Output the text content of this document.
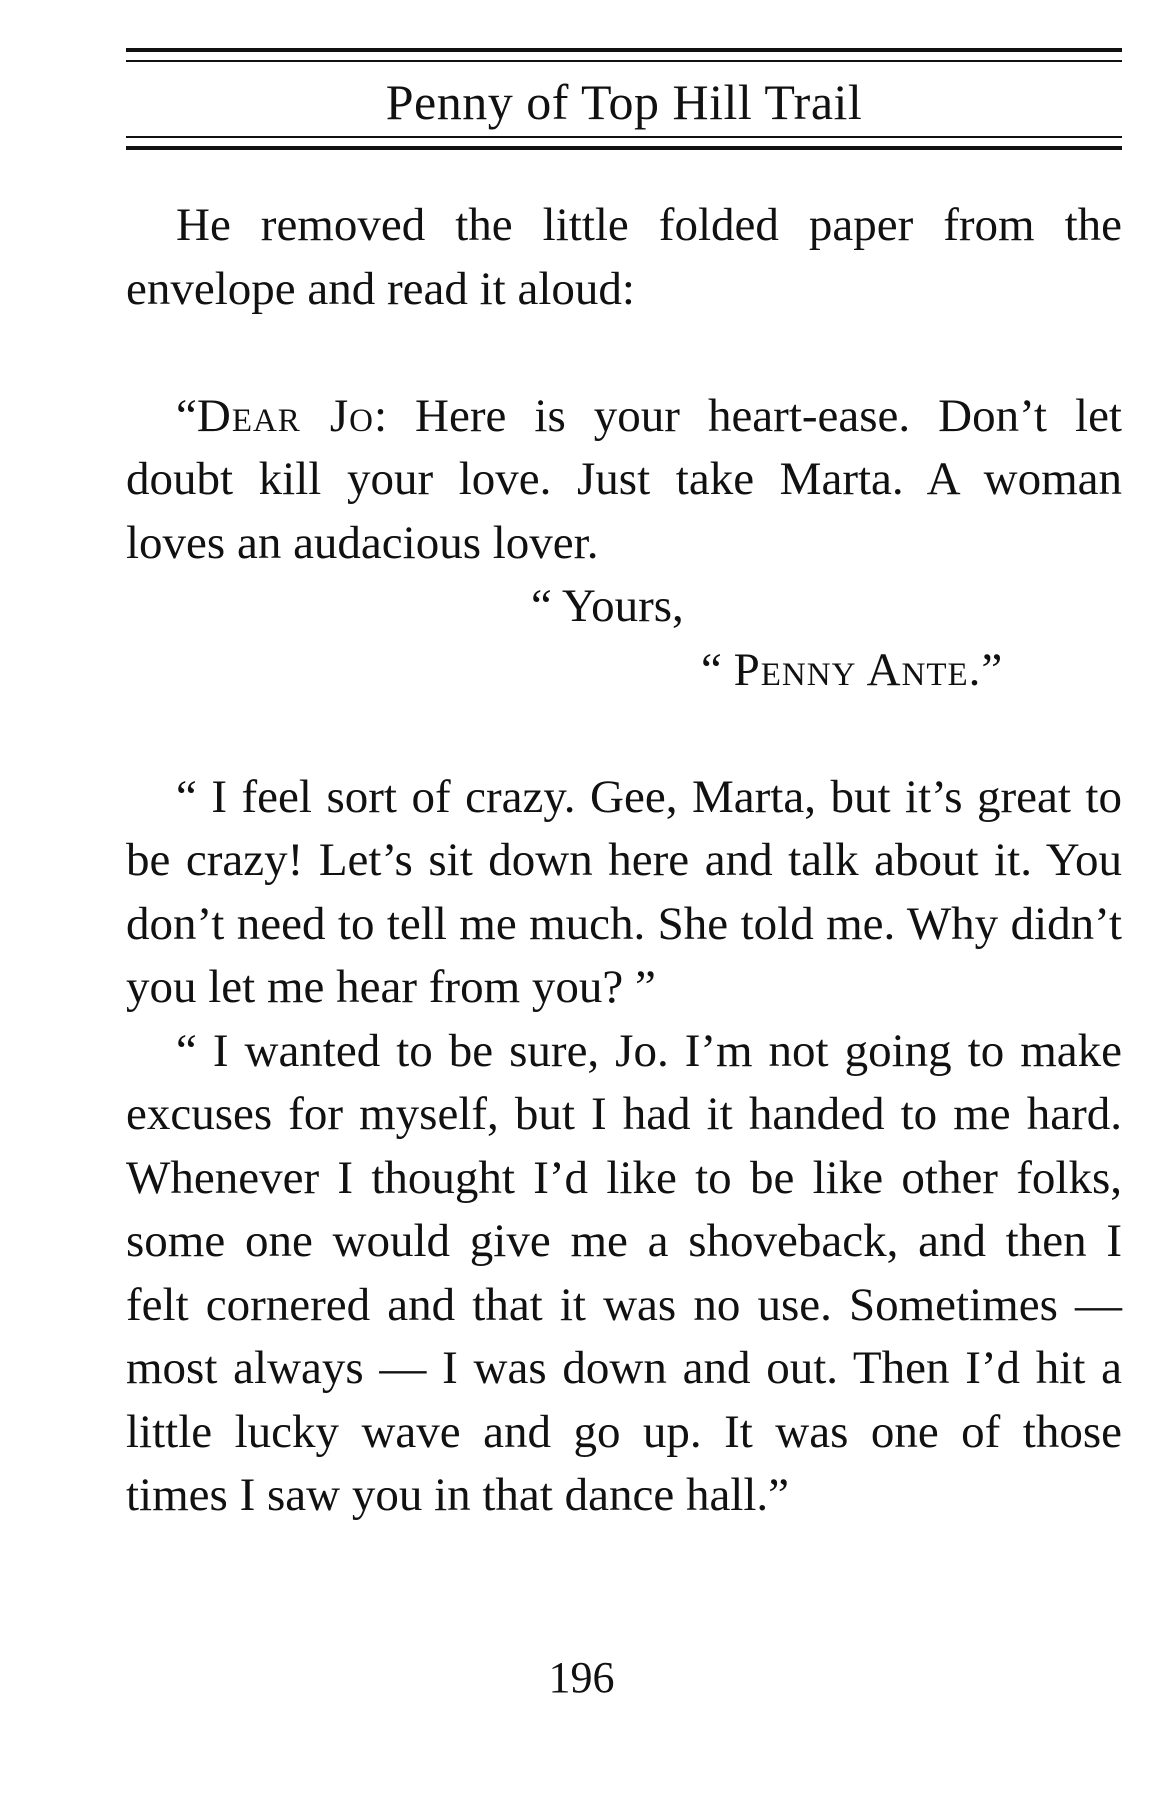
Penny of Top Hill Trail

He removed the little folded paper from the envelope and read it aloud:

“Dear Jo: Here is your heart-ease. Don’t let doubt kill your love. Just take Marta. A woman loves an audacious lover.

“ Yours,
“ Penny Ante.”

“ I feel sort of crazy. Gee, Marta, but it’s great to be crazy! Let’s sit down here and talk about it. You don’t need to tell me much. She told me. Why didn’t you let me hear from you? ”

“ I wanted to be sure, Jo. I’m not going to make excuses for myself, but I had it handed to me hard. Whenever I thought I’d like to be like other folks, some one would give me a shoveback, and then I felt cornered and that it was no use. Sometimes — most always — I was down and out. Then I’d hit a little lucky wave and go up. It was one of those times I saw you in that dance hall.”

196
